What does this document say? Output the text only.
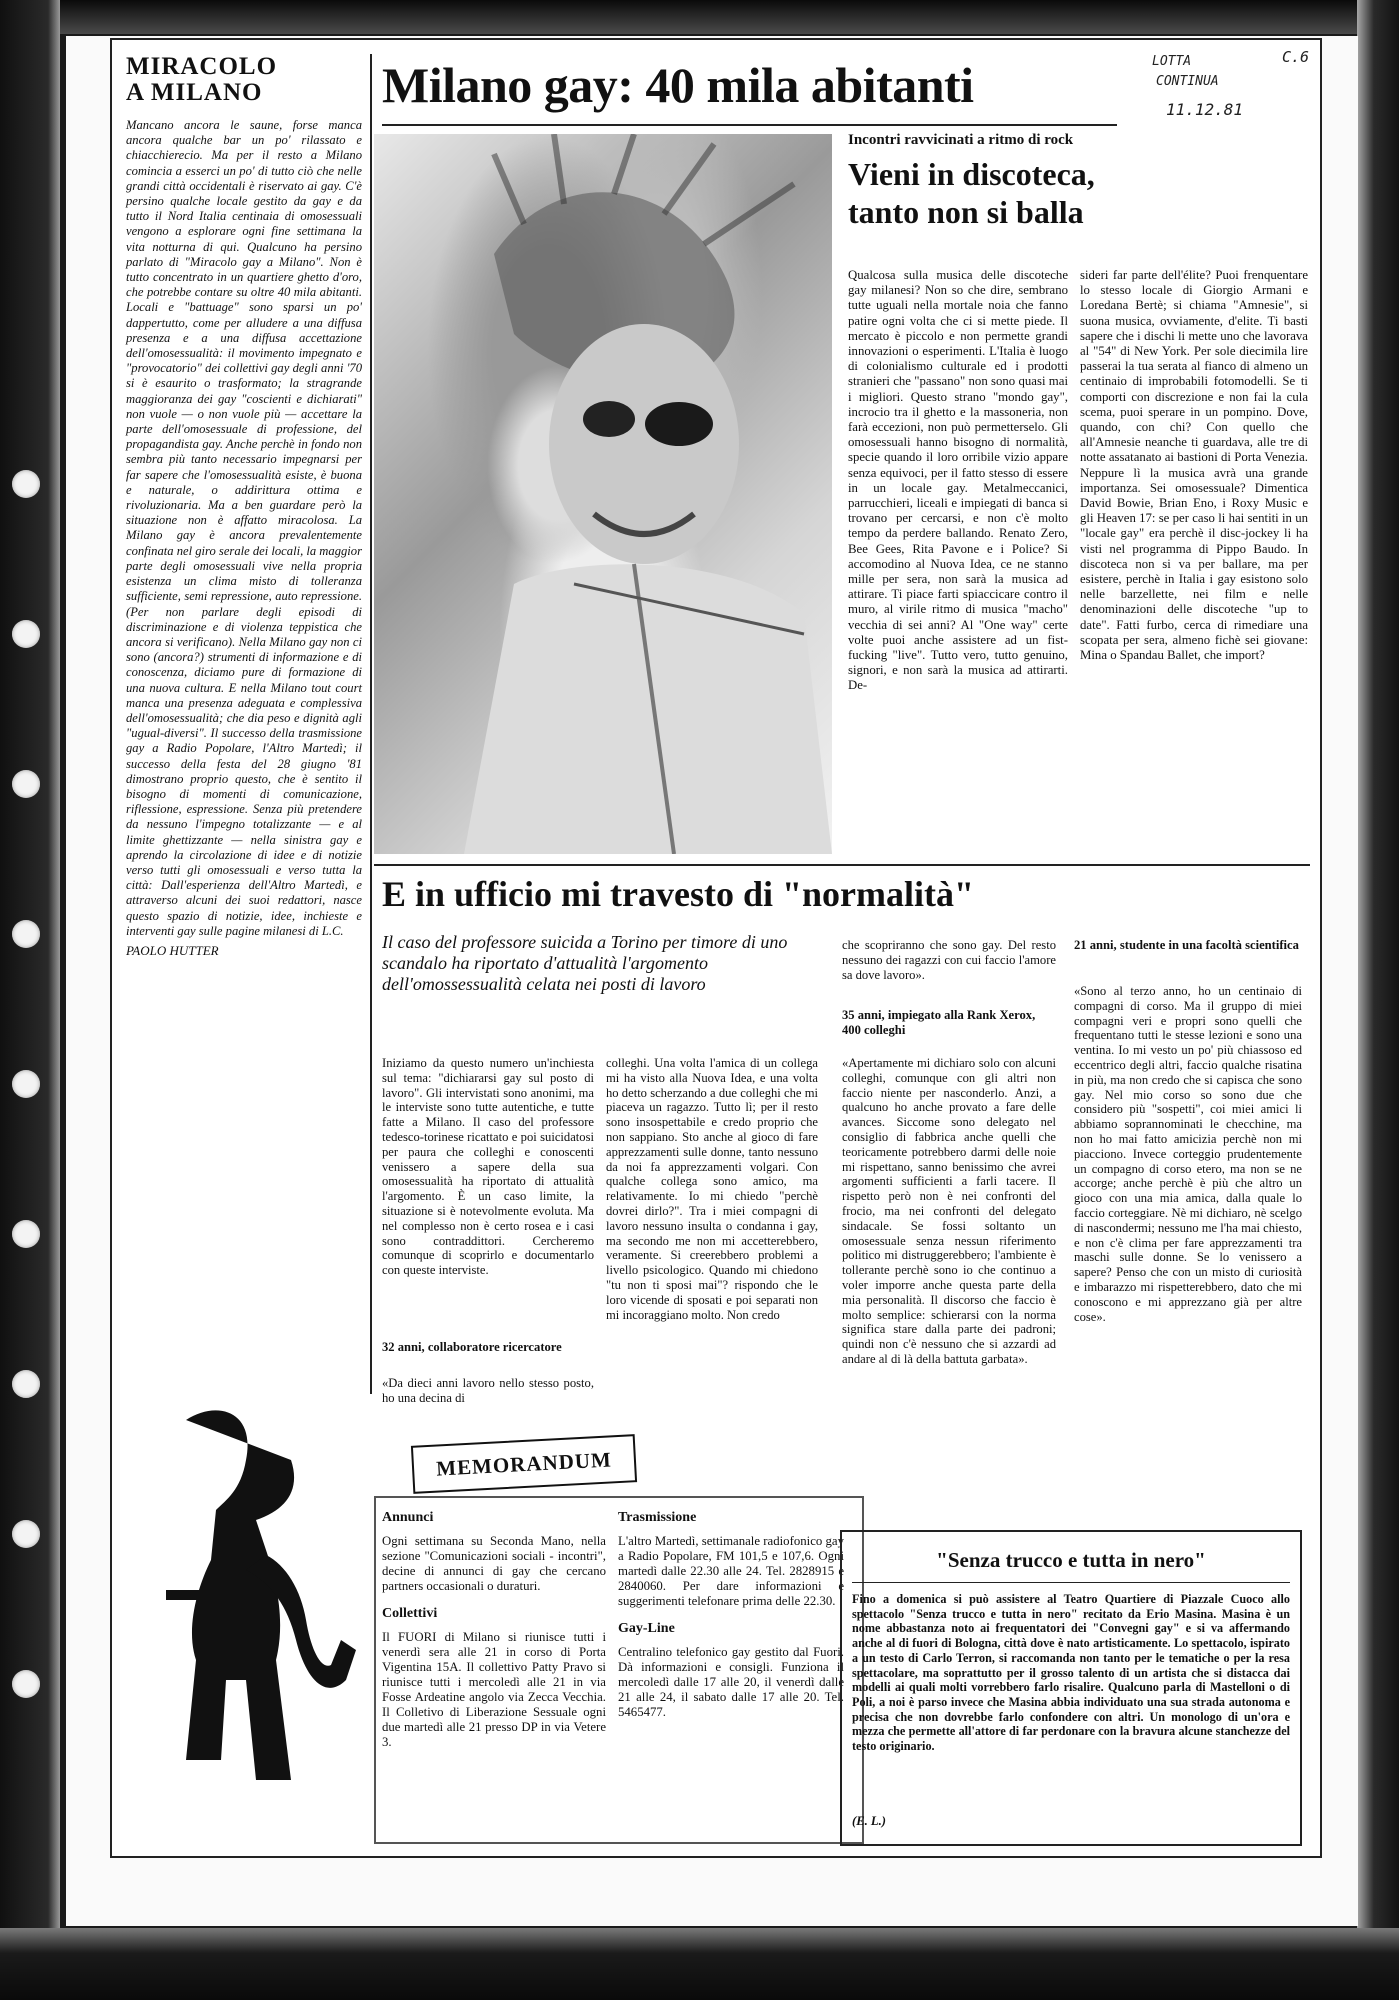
LOTTA
CONTINUA
11.12.81
C.6
MIRACOLO
A MILANO

Mancano ancora le saune, forse manca ancora qualche bar un po' rilassato e chiacchierecio. Ma per il resto a Milano comincia a esserci un po' di tutto ciò che nelle grandi città occidentali è riservato ai gay. C'è persino qualche locale gestito da gay e da tutto il Nord Italia centinaia di omosessuali vengono a esplorare ogni fine settimana la vita notturna di qui. Qualcuno ha persino parlato di "Miracolo gay a Milano". Non è tutto concentrato in un quartiere ghetto d'oro, che potrebbe contare su oltre 40 mila abitanti. Locali e "battuage" sono sparsi un po' dappertutto, come per alludere a una diffusa presenza e a una diffusa accettazione dell'omosessualità: il movimento impegnato e "provocatorio" dei collettivi gay degli anni '70 si è esaurito o trasformato; la stragrande maggioranza dei gay "coscienti e dichiarati" non vuole — o non vuole più — accettare la parte dell'omosessuale di professione, del propagandista gay. Anche perchè in fondo non sembra più tanto necessario impegnarsi per far sapere che l'omosessualità esiste, è buona e naturale, o addirittura ottima e rivoluzionaria. Ma a ben guardare però la situazione non è affatto miracolosa. La Milano gay è ancora prevalentemente confinata nel giro serale dei locali, la maggior parte degli omosessuali vive nella propria esistenza un clima misto di tolleranza sufficiente, semi repressione, auto repressione. (Per non parlare degli episodi di discriminazione e di violenza teppistica che ancora si verificano). Nella Milano gay non ci sono (ancora?) strumenti di informazione e di conoscenza, diciamo pure di formazione di una nuova cultura. E nella Milano tout court manca una presenza adeguata e complessiva dell'omosessualità; che dia peso e dignità agli "ugual-diversi". Il successo della trasmissione gay a Radio Popolare, l'Altro Martedì; il successo della festa del 28 giugno '81 dimostrano proprio questo, che è sentito il bisogno di momenti di comunicazione, riflessione, espressione. Senza più pretendere da nessuno l'impegno totalizzante — e al limite ghettizzante — nella sinistra gay e aprendo la circolazione di idee e di notizie verso tutti gli omosessuali e verso tutta la città: Dall'esperienza dell'Altro Martedì, e attraverso alcuni dei suoi redattori, nasce questo spazio di notizie, idee, inchieste e interventi gay sulle pagine milanesi di L.C.

PAOLO HUTTER
Milano gay: 40 mila abitanti
Incontri ravvicinati a ritmo di rock
Vieni in discoteca,
tanto non si balla

Qualcosa sulla musica delle discoteche gay milanesi? Non so che dire, sembrano tutte uguali nella mortale noia che fanno patire ogni volta che ci si mette piede. Il mercato è piccolo e non permette grandi innovazioni o esperimenti. L'Italia è luogo di colonialismo culturale ed i prodotti stranieri che "passano" non sono quasi mai i migliori. Questo strano "mondo gay", incrocio tra il ghetto e la massoneria, non farà eccezioni, non può permetterselo. Gli omosessuali hanno bisogno di normalità, specie quando il loro orribile vizio appare senza equivoci, per il fatto stesso di essere in un locale gay. Metalmeccanici, parrucchieri, liceali e impiegati di banca si trovano per cercarsi, e non c'è molto tempo da perdere ballando. Renato Zero, Bee Gees, Rita Pavone e i Police? Si accomodino al Nuova Idea, ce ne stanno mille per sera, non sarà la musica ad attirare. Ti piace farti spiaccicare contro il muro, al virile ritmo di musica "macho" vecchia di sei anni? Al "One way" certe volte puoi anche assistere ad un fist-fucking "live". Tutto vero, tutto genuino, signori, e non sarà la musica ad attirarti. De-

sideri far parte dell'élite? Puoi frenquentare lo stesso locale di Giorgio Armani e Loredana Bertè; si chiama "Amnesie", si suona musica, ovviamente, d'elite. Ti basti sapere che i dischi li mette uno che lavorava al "54" di New York. Per sole diecimila lire passerai la tua serata al fianco di almeno un centinaio di improbabili fotomodelli. Se ti comporti con discrezione e non fai la cula scema, puoi sperare in un pompino. Dove, quando, con chi? Con quello che all'Amnesie neanche ti guardava, alle tre di notte assatanato ai bastioni di Porta Venezia. Neppure lì la musica avrà una grande importanza. Sei omosessuale? Dimentica David Bowie, Brian Eno, i Roxy Music e gli Heaven 17: se per caso li hai sentiti in un "locale gay" era perchè il disc-jockey li ha visti nel programma di Pippo Baudo. In discoteca non si va per ballare, ma per esistere, perchè in Italia i gay esistono solo nelle barzellette, nei film e nelle denominazioni delle discoteche "up to date". Fatti furbo, cerca di rimediare una scopata per sera, almeno fichè sei giovane: Mina o Spandau Ballet, che import?

E in ufficio mi travesto di "normalità"
Il caso del professore suicida a Torino per timore di uno scandalo ha riportato d'attualità l'argomento dell'omossessualità celata nei posti di lavoro

Iniziamo da questo numero un'inchiesta sul tema: "dichiararsi gay sul posto di lavoro". Gli intervistati sono anonimi, ma le interviste sono tutte autentiche, e tutte fatte a Milano. Il caso del professore tedesco-torinese ricattato e poi suicidatosi per paura che colleghi e conoscenti venissero a sapere della sua omosessualità ha riportato di attualità l'argomento. È un caso limite, la situazione si è notevolmente evoluta. Ma nel complesso non è certo rosea e i casi sono contraddittori. Cercheremo comunque di scoprirlo e documentarlo con queste interviste.

32 anni, collaboratore ricercatore

«Da dieci anni lavoro nello stesso posto, ho una decina di

colleghi. Una volta l'amica di un collega mi ha visto alla Nuova Idea, e una volta ho detto scherzando a due colleghi che mi piaceva un ragazzo. Tutto lì; per il resto sono insospettabile e credo proprio che non sappiano. Sto anche al gioco di fare apprezzamenti sulle donne, tanto nessuno da noi fa apprezzamenti volgari. Con qualche collega sono amico, ma relativamente. Io mi chiedo "perchè dovrei dirlo?". Tra i miei compagni di lavoro nessuno insulta o condanna i gay, ma secondo me non mi accetterebbero, veramente. Si creerebbero problemi a livello psicologico. Quando mi chiedono "tu non ti sposi mai"? rispondo che le loro vicende di sposati e poi separati non mi incoraggiano molto. Non credo

che scopriranno che sono gay. Del resto nessuno dei ragazzi con cui faccio l'amore sa dove lavoro».

35 anni, impiegato alla Rank Xerox, 400 colleghi

«Apertamente mi dichiaro solo con alcuni colleghi, comunque con gli altri non faccio niente per nasconderlo. Anzi, a qualcuno ho anche provato a fare delle avances. Siccome sono delegato nel consiglio di fabbrica anche quelli che teoricamente potrebbero darmi delle noie mi rispettano, sanno benissimo che avrei argomenti sufficienti a farli tacere. Il rispetto però non è nei confronti del frocio, ma nei confronti del delegato sindacale. Se fossi soltanto un omosessuale senza nessun riferimento politico mi distruggerebbero; l'ambiente è tollerante perchè sono io che continuo a voler imporre anche questa parte della mia personalità. Il discorso che faccio è molto semplice: schierarsi con la norma significa stare dalla parte dei padroni; quindi non c'è nessuno che si azzardi ad andare al di là della battuta garbata».

21 anni, studente in una facoltà scientifica

«Sono al terzo anno, ho un centinaio di compagni di corso. Ma il gruppo di miei compagni veri e propri sono quelli che frequentano tutti le stesse lezioni e sono una ventina. Io mi vesto un po' più chiassoso ed eccentrico degli altri, faccio qualche risatina in più, ma non credo che si capisca che sono gay. Nel mio corso so sono due che considero più "sospetti", coi miei amici li abbiamo soprannominati le checchine, ma non ho mai fatto amicizia perchè non mi piacciono. Invece corteggio prudentemente un compagno di corso etero, ma non se ne accorge; anche perchè è più che altro un gioco con una mia amica, dalla quale lo faccio corteggiare. Nè mi dichiaro, nè scelgo di nascondermi; nessuno me l'ha mai chiesto, e non c'è clima per fare apprezzamenti tra maschi sulle donne. Se lo venissero a sapere? Penso che con un misto di curiosità e imbarazzo mi rispetterebbero, dato che mi conoscono e mi apprezzano già per altre cose».

MEMORANDUM
Annunci

Ogni settimana su Seconda Mano, nella sezione "Comunicazioni sociali - incontri", decine di annunci di gay che cercano partners occasionali o duraturi.

Collettivi

Il FUORI di Milano si riunisce tutti i venerdì sera alle 21 in corso di Porta Vigentina 15A. Il collettivo Patty Pravo si riunisce tutti i mercoledì alle 21 in via Fosse Ardeatine angolo via Zecca Vecchia. Il Colletivo di Liberazione Sessuale ogni due martedì alle 21 presso DP in via Vetere 3.

Trasmissione

L'altro Martedì, settimanale radiofonico gay a Radio Popolare, FM 101,5 e 107,6. Ogni martedì dalle 22.30 alle 24. Tel. 2828915 e 2840060. Per dare informazioni e suggerimenti telefonare prima delle 22.30.

Gay-Line

Centralino telefonico gay gestito dal Fuori. Dà informazioni e consigli. Funziona il mercoledì dalle 17 alle 20, il venerdì dalle 21 alle 24, il sabato dalle 17 alle 20. Tel. 5465477.

"Senza trucco e tutta in nero"

Fino a domenica si può assistere al Teatro Quartiere di Piazzale Cuoco allo spettacolo "Senza trucco e tutta in nero" recitato da Erio Masina. Masina è un nome abbastanza noto ai frequentatori dei "Convegni gay" e si va affermando anche al di fuori di Bologna, città dove è nato artisticamente. Lo spettacolo, ispirato a un testo di Carlo Terron, si raccomanda non tanto per le tematiche o per la resa spettacolare, ma soprattutto per il grosso talento di un artista che si distacca dai modelli ai quali molti vorrebbero farlo risalire. Qualcuno parla di Mastelloni o di Poli, a noi è parso invece che Masina abbia individuato una sua strada autonoma e precisa che non dovrebbe farlo confondere con altri. Un monologo di un'ora e mezza che permette all'attore di far perdonare con la bravura alcune stanchezze del testo originario.

(E. L.)
